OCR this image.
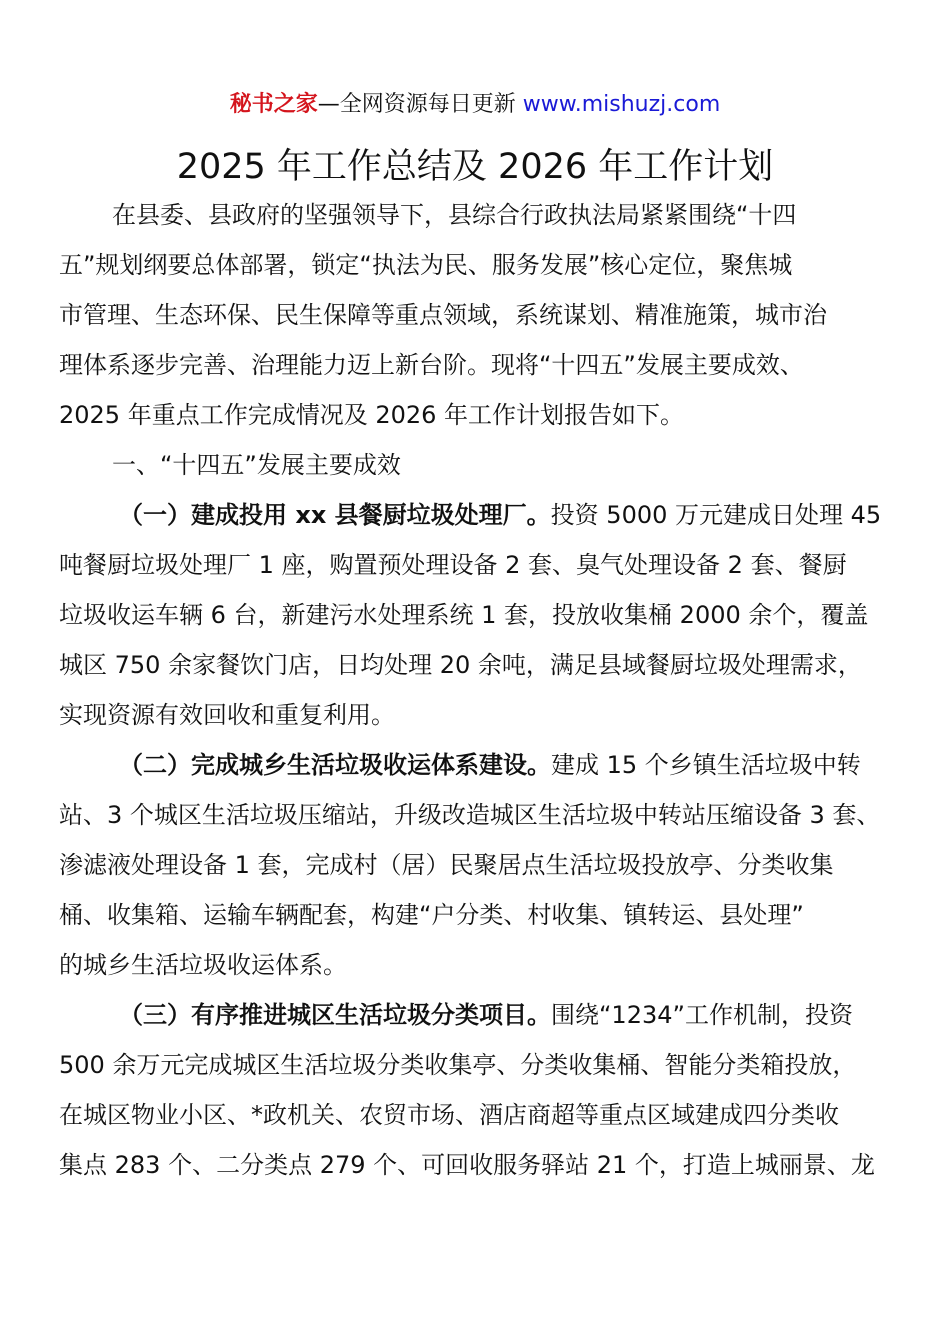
秘书之家—全网资源每日更新 www.mishuzj.com
2025 年工作总结及 2026 年工作计划

在县委、县政府的坚强领导下，县综合行政执法局紧紧围绕“十四
五”规划纲要总体部署，锁定“执法为民、服务发展”核心定位，聚焦城
市管理、生态环保、民生保障等重点领域，系统谋划、精准施策，城市治
理体系逐步完善、治理能力迈上新台阶。现将“十四五”发展主要成效、
2025 年重点工作完成情况及 2026 年工作计划报告如下。

一、“十四五”发展主要成效

（一）建成投用 xx 县餐厨垃圾处理厂。投资 5000 万元建成日处理 45
吨餐厨垃圾处理厂 1 座，购置预处理设备 2 套、臭气处理设备 2 套、餐厨
垃圾收运车辆 6 台，新建污水处理系统 1 套，投放收集桶 2000 余个，覆盖
城区 750 余家餐饮门店，日均处理 20 余吨，满足县域餐厨垃圾处理需求，
实现资源有效回收和重复利用。

（二）完成城乡生活垃圾收运体系建设。建成 15 个乡镇生活垃圾中转
站、3 个城区生活垃圾压缩站，升级改造城区生活垃圾中转站压缩设备 3 套、
渗滤液处理设备 1 套，完成村（居）民聚居点生活垃圾投放亭、分类收集
桶、收集箱、运输车辆配套，构建“户分类、村收集、镇转运、县处理”
的城乡生活垃圾收运体系。

（三）有序推进城区生活垃圾分类项目。围绕“1234”工作机制，投资
500 余万元完成城区生活垃圾分类收集亭、分类收集桶、智能分类箱投放，
在城区物业小区、*政机关、农贸市场、酒店商超等重点区域建成四分类收
集点 283 个、二分类点 279 个、可回收服务驿站 21 个，打造上城丽景、龙
